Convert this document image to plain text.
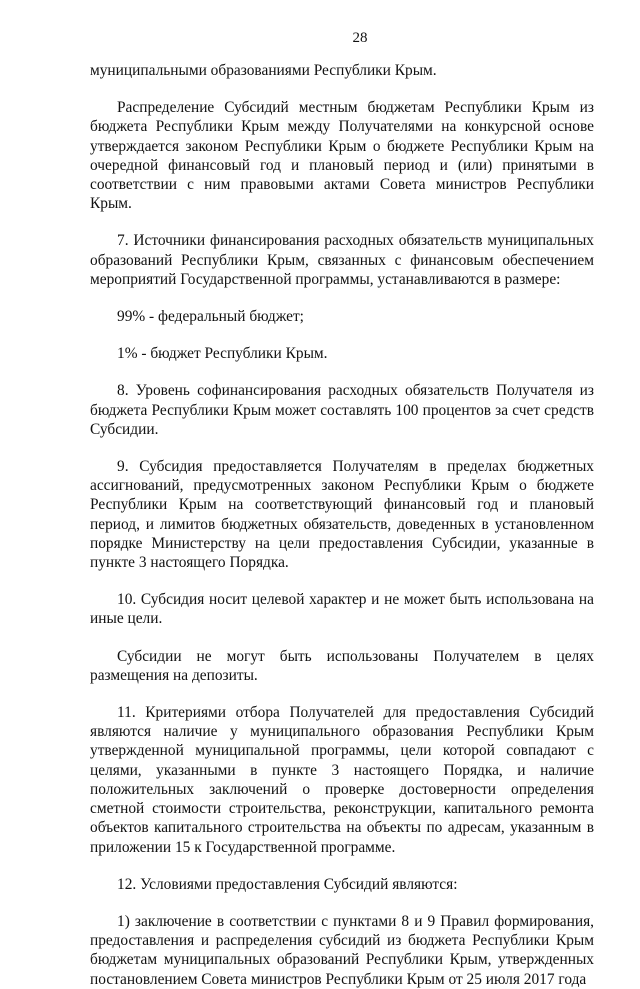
28

муниципальными образованиями Республики Крым.

Распределение Субсидий местным бюджетам Республики Крым из бюджета Республики Крым между Получателями на конкурсной основе утверждается законом Республики Крым о бюджете Республики Крым на очередной финансовый год и плановый период и (или) принятыми в соответствии с ним правовыми актами Совета министров Республики Крым.

7. Источники финансирования расходных обязательств муниципальных образований Республики Крым, связанных с финансовым обеспечением мероприятий Государственной программы, устанавливаются в размере:

99% - федеральный бюджет;

1% - бюджет Республики Крым.

8. Уровень софинансирования расходных обязательств Получателя из бюджета Республики Крым может составлять 100 процентов за счет средств Субсидии.

9. Субсидия предоставляется Получателям в пределах бюджетных ассигнований, предусмотренных законом Республики Крым о бюджете Республики Крым на соответствующий финансовый год и плановый период, и лимитов бюджетных обязательств, доведенных в установленном порядке Министерству на цели предоставления Субсидии, указанные в пункте 3 настоящего Порядка.

10. Субсидия носит целевой характер и не может быть использована на иные цели.

Субсидии не могут быть использованы Получателем в целях размещения на депозиты.

11. Критериями отбора Получателей для предоставления Субсидий являются наличие у муниципального образования Республики Крым утвержденной муниципальной программы, цели которой совпадают с целями, указанными в пункте 3 настоящего Порядка, и наличие положительных заключений о проверке достоверности определения сметной стоимости строительства, реконструкции, капитального ремонта объектов капитального строительства на объекты по адресам, указанным в приложении 15 к Государственной программе.

12. Условиями предоставления Субсидий являются:

1) заключение в соответствии с пунктами 8 и 9 Правил формирования, предоставления и распределения субсидий из бюджета Республики Крым бюджетам муниципальных образований Республики Крым, утвержденных постановлением Совета министров Республики Крым от 25 июля 2017 года
